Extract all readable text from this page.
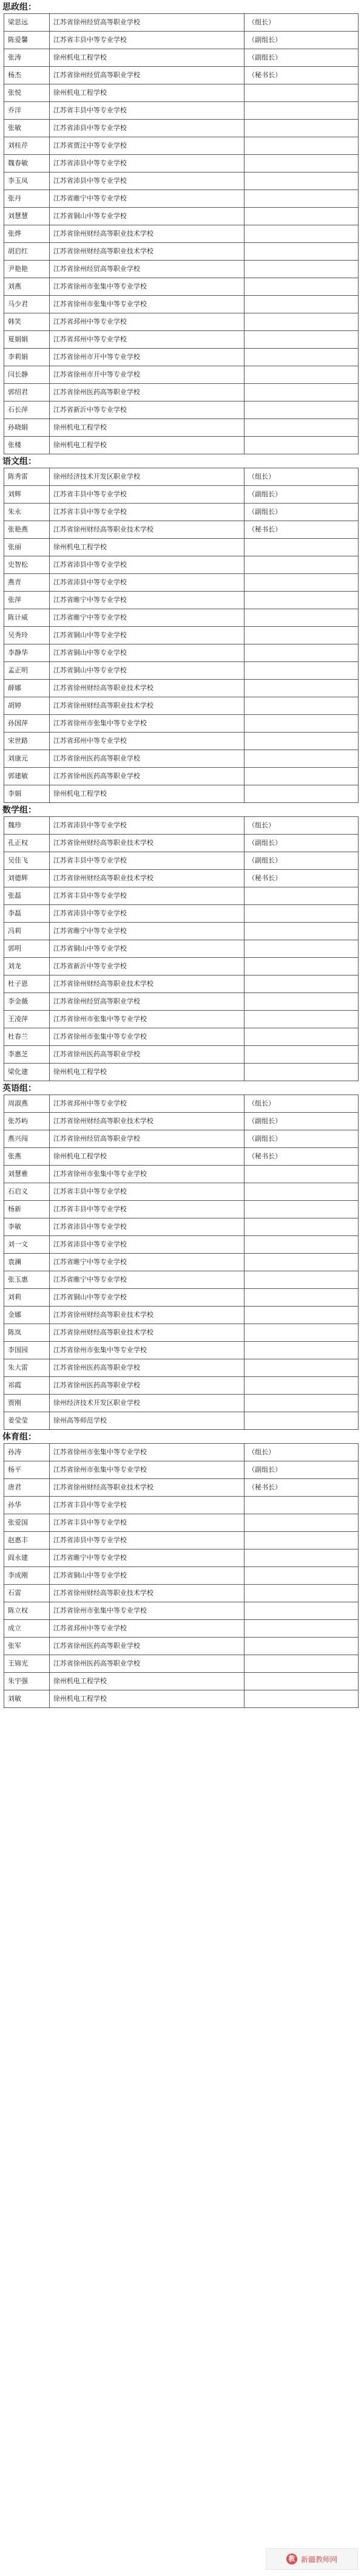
思政组：
梁思远	江苏省徐州经贸高等职业学校	（组长）
陈爱馨	江苏省丰县中等专业学校	（副组长）
张涛	徐州机电工程学校	（副组长）
杨杰	江苏省徐州经贸高等职业学校	（秘书长）
张悦	徐州机电工程学校	
乔洋	江苏省丰县中等专业学校	
张敏	江苏省沛县中等专业学校	
刘桂芹	江苏省贾汪中等专业学校	
魏春敏	江苏省沛县中等专业学校	
李玉凤	江苏省沛县中等专业学校	
张丹	江苏省睢宁中等专业学校	
刘慧慧	江苏省铜山中等专业学校	
张烨	江苏省徐州财经高等职业技术学校	
胡启红	江苏省徐州财经高等职业技术学校	
尹艳艳	江苏省徐州经贸高等职业学校	
刘燕	江苏省徐州市张集中等专业学校	
马少君	江苏省徐州市张集中等专业学校	
韩笑	江苏省邳州中等专业学校	
夏娟娟	江苏省邳州中等专业学校	
李莉娟	江苏省徐州市开中等专业学校	
闫长静	江苏省徐州市开中等专业学校	
郭绍君	江苏省徐州医药高等职业学校	
石长萍	江苏省新沂中等专业学校	
孙晓娟	徐州机电工程学校	
张楼	徐州机电工程学校	
语文组：
陈秀雷	徐州经济技术开发区职业学校	（组长）
刘辉	江苏省丰县中等专业学校	（副组长）
朱永	江苏省丰县中等专业学校	（副组长）
张艳燕	江苏省徐州财经高等职业技术学校	（秘书长）
张丽	徐州机电工程学校	
史智松	江苏省沛县中等专业学校	
燕青	江苏省沛县中等专业学校	
张萍	江苏省睢宁中等专业学校	
陈计威	江苏省睢宁中等专业学校	
吴秀玲	江苏省铜山中等专业学校	
李静华	江苏省铜山中等专业学校	
孟正明	江苏省铜山中等专业学校	
薛娜	江苏省徐州财经高等职业技术学校	
胡婷	江苏省徐州财经高等职业技术学校	
孙国萍	江苏省徐州市张集中等专业学校	
宋世路	江苏省邳州中等专业学校	
刘康元	江苏省徐州医药高等职业学校	
郭建敏	江苏省徐州医药高等职业学校	
李娟	徐州机电工程学校	
数学组：
魏珍	江苏省沛县中等专业学校	（组长）
孔正权	江苏省徐州财经高等职业技术学校	（副组长）
吴佳飞	江苏省丰县中等专业学校	（副组长）
刘德辉	江苏省徐州财经高等职业技术学校	（秘书长）
张磊	江苏省丰县中等专业学校	
李磊	江苏省沛县中等专业学校	
冯莉	江苏省睢宁中等专业学校	
郭明	江苏省铜山中等专业学校	
刘龙	江苏省新沂中等专业学校	
杜子恩	江苏省徐州财经高等职业技术学校	
李金薇	江苏省徐州经贸高等职业学校	
王凌萍	江苏省徐州市张集中等专业学校	
杜春兰	江苏省徐州市张集中等专业学校	
李惠芝	江苏省徐州医药高等职业学校	
梁化建	徐州机电工程学校	
英语组：
周淑燕	江苏省邳州中等专业学校	（组长）
张苏屿	江苏省徐州财经高等职业技术学校	（副组长）
燕兴闯	江苏省徐州经贸高等职业学校	（副组长）
张燕	徐州机电工程学校	（秘书长）
刘慧雅	江苏省徐州市张集中等专业学校	
石启义	江苏省丰县中等专业学校	
杨新	江苏省丰县中等专业学校	
李敏	江苏省沛县中等专业学校	
刘一文	江苏省沛县中等专业学校	
袁澜	江苏省睢宁中等专业学校	
张玉惠	江苏省睢宁中等专业学校	
刘莉	江苏省铜山中等专业学校	
金娜	江苏省徐州财经高等职业技术学校	
陈岚	江苏省徐州财经高等职业技术学校	
李国园	江苏省徐州市张集中等专业学校	
朱大雷	江苏省徐州医药高等职业学校	
祁霞	江苏省徐州医药高等职业学校	
贾刚	徐州经济技术开发区职业学校	
姜莹莹	徐州高等师范学校	
体育组：
孙涛	江苏省徐州市张集中等专业学校	（组长）
杨平	江苏省徐州市张集中等专业学校	（副组长）
唐君	江苏省徐州财经高等职业技术学校	（秘书长）
孙华	江苏省丰县中等专业学校	
张爱国	江苏省丰县中等专业学校	
赵惠丰	江苏省沛县中等专业学校	
阎永建	江苏省睢宁中等专业学校	
李成刚	江苏省铜山中等专业学校	
石雷	江苏省徐州财经高等职业技术学校	
陈立权	江苏省徐州市张集中等专业学校	
成立	江苏省邳州中等专业学校	
张军	江苏省徐州医药高等职业学校	
王锦光	江苏省徐州医药高等职业学校	
朱宇强	徐州机电工程学校	
刘敏	徐州机电工程学校	
教 新疆教师网
